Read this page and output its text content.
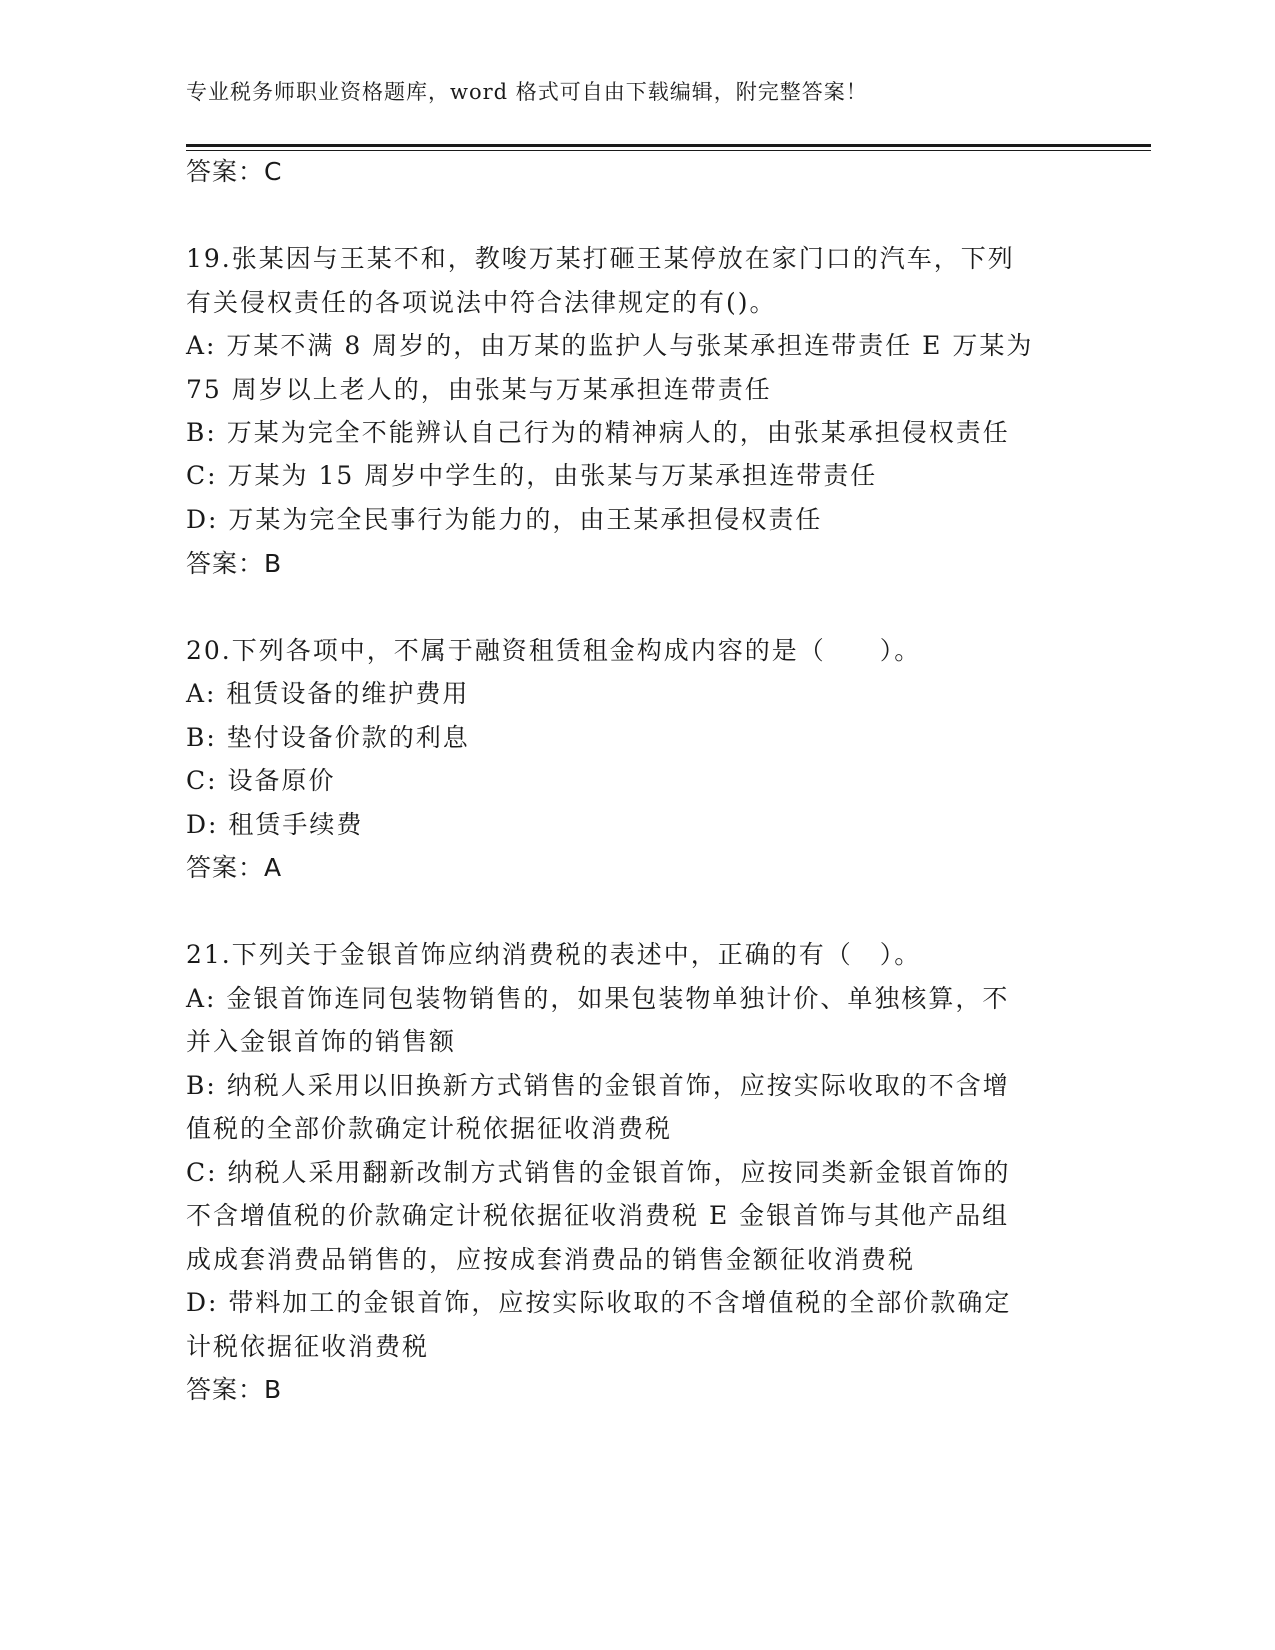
专业税务师职业资格题库，word 格式可自由下载编辑，附完整答案！
答案：C
19.张某因与王某不和，教唆万某打砸王某停放在家门口的汽车，下列
有关侵权责任的各项说法中符合法律规定的有()。
A: 万某不满 8 周岁的，由万某的监护人与张某承担连带责任 E 万某为
75 周岁以上老人的，由张某与万某承担连带责任
B: 万某为完全不能辨认自己行为的精神病人的，由张某承担侵权责任
C: 万某为 15 周岁中学生的，由张某与万某承担连带责任
D: 万某为完全民事行为能力的，由王某承担侵权责任
答案：B
20.下列各项中，不属于融资租赁租金构成内容的是（　　）。
A: 租赁设备的维护费用
B: 垫付设备价款的利息
C: 设备原价
D: 租赁手续费
答案：A
21.下列关于金银首饰应纳消费税的表述中，正确的有（　）。
A: 金银首饰连同包装物销售的，如果包装物单独计价、单独核算，不
并入金银首饰的销售额
B: 纳税人采用以旧换新方式销售的金银首饰，应按实际收取的不含增
值税的全部价款确定计税依据征收消费税
C: 纳税人采用翻新改制方式销售的金银首饰，应按同类新金银首饰的
不含增值税的价款确定计税依据征收消费税 E 金银首饰与其他产品组
成成套消费品销售的，应按成套消费品的销售金额征收消费税
D: 带料加工的金银首饰，应按实际收取的不含增值税的全部价款确定
计税依据征收消费税
答案：B
